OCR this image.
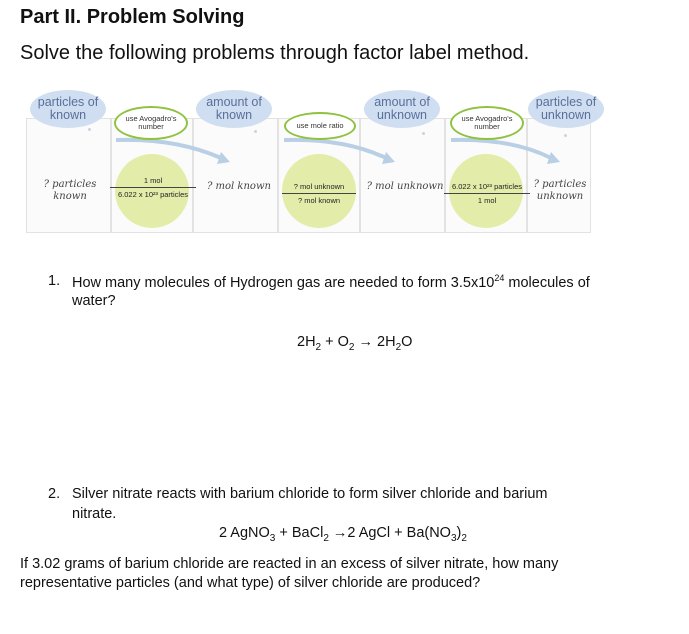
Part II. Problem Solving
Solve the following problems through factor label method.
particles of known
amount of known
amount of unknown
particles of unknown
use Avogadro's number	use mole ratio
use Avogadro's number
1 mol
6.022 x 10²³ particles
? mol unknown
? mol known
6.022 x 10²³ particles
1 mol
? particles
known
? mol known	? mol unknown	? particles
unknown
1. How many molecules of Hydrogen gas are needed to form $3.5x10^{24}$ molecules of
water?
$2H_2 + O_2 \to 2H_2O$
2. Silver nitrate reacts with barium chloride to form silver chloride and barium
nitrate.
2 AgNO$_3$ + BaCl$_2$ →2 AgCl + $Ba(NO_3)_2$
If 3.02 grams of barium chloride are reacted in an excess of silver nitrate, how many
representative particles (and what type) of silver chloride are produced?
